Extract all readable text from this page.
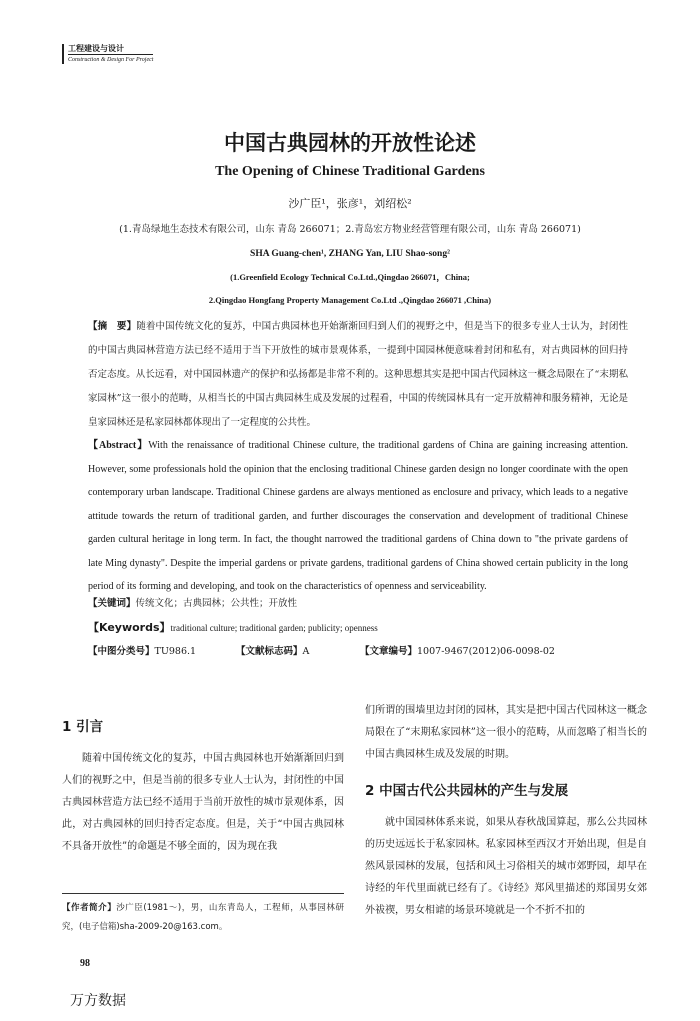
工程建设与设计
Construction & Design For Project
中国古典园林的开放性论述
The Opening of Chinese Traditional Gardens
沙广臣¹，张彦¹，刘绍松²
(1.青岛绿地生态技术有限公司，山东 青岛 266071；2.青岛宏方物业经营管理有限公司，山东 青岛 266071)
SHA Guang-chen¹, ZHANG Yan, LIU Shao-song²
(1.Greenfield Ecology Technical Co.Ltd.,Qingdao 266071，China;
2.Qingdao Hongfang Property Management Co.Ltd .,Qingdao 266071 ,China)
【摘　要】随着中国传统文化的复苏，中国古典园林也开始渐渐回归到人们的视野之中，但是当下的很多专业人士认为，封闭性的中国古典园林营造方法已经不适用于当下开放性的城市景观体系，一提到中国园林便意味着封闭和私有，对古典园林的回归持否定态度。从长远看，对中国园林遗产的保护和弘扬都是非常不利的。这种思想其实是把中国古代园林这一概念局限在了“末期私家园林”这一很小的范畴，从相当长的中国古典园林生成及发展的过程看，中国的传统园林具有一定开放精神和服务精神，无论是皇家园林还是私家园林都体现出了一定程度的公共性。
【Abstract】With the renaissance of traditional Chinese culture, the traditional gardens of China are gaining increasing attention. However, some professionals hold the opinion that the enclosing traditional Chinese garden design no longer coordinate with the open contemporary urban landscape. Traditional Chinese gardens are always mentioned as enclosure and privacy, which leads to a negative attitude towards the return of traditional garden, and further discourages the conservation and development of traditional Chinese garden cultural heritage in long term. In fact, the thought narrowed the traditional gardens of China down to "the private gardens of late Ming dynasty". Despite the imperial gardens or private gardens, traditional gardens of China showed certain publicity in the long period of its forming and developing, and took on the characteristics of openness and serviceability.
【关键词】传统文化；古典园林；公共性；开放性
【Keywords】traditional culture; traditional garden; publicity; openness
【中图分类号】TU986.1	【文献标志码】A	【文章编号】1007-9467(2012)06-0098-02
1 引言

随着中国传统文化的复苏，中国古典园林也开始渐渐回归到人们的视野之中，但是当前的很多专业人士认为，封闭性的中国古典园林营造方法已经不适用于当前开放性的城市景观体系，因此，对古典园林的回归持否定态度。但是，关于“中国古典园林不具备开放性”的命题是不够全面的，因为现在我

们所谓的围墙里边封闭的园林，其实是把中国古代园林这一概念局限在了“末期私家园林”这一很小的范畴，从而忽略了相当长的中国古典园林生成及发展的时期。

2 中国古代公共园林的产生与发展

就中国园林体系来说，如果从春秋战国算起，那么公共园林的历史远远长于私家园林。私家园林至西汉才开始出现，但是自然风景园林的发展，包括和风土习俗相关的城市郊野园，却早在诗经的年代里面就已经有了。《诗经》郑风里描述的郑国男女郊外祓禊，男女相谑的场景环境就是一个不折不扣的

【作者简介】沙广臣(1981～)，男，山东青岛人，工程师，从事园林研究，(电子信箱)sha-2009-20@163.com。
98
万方数据
